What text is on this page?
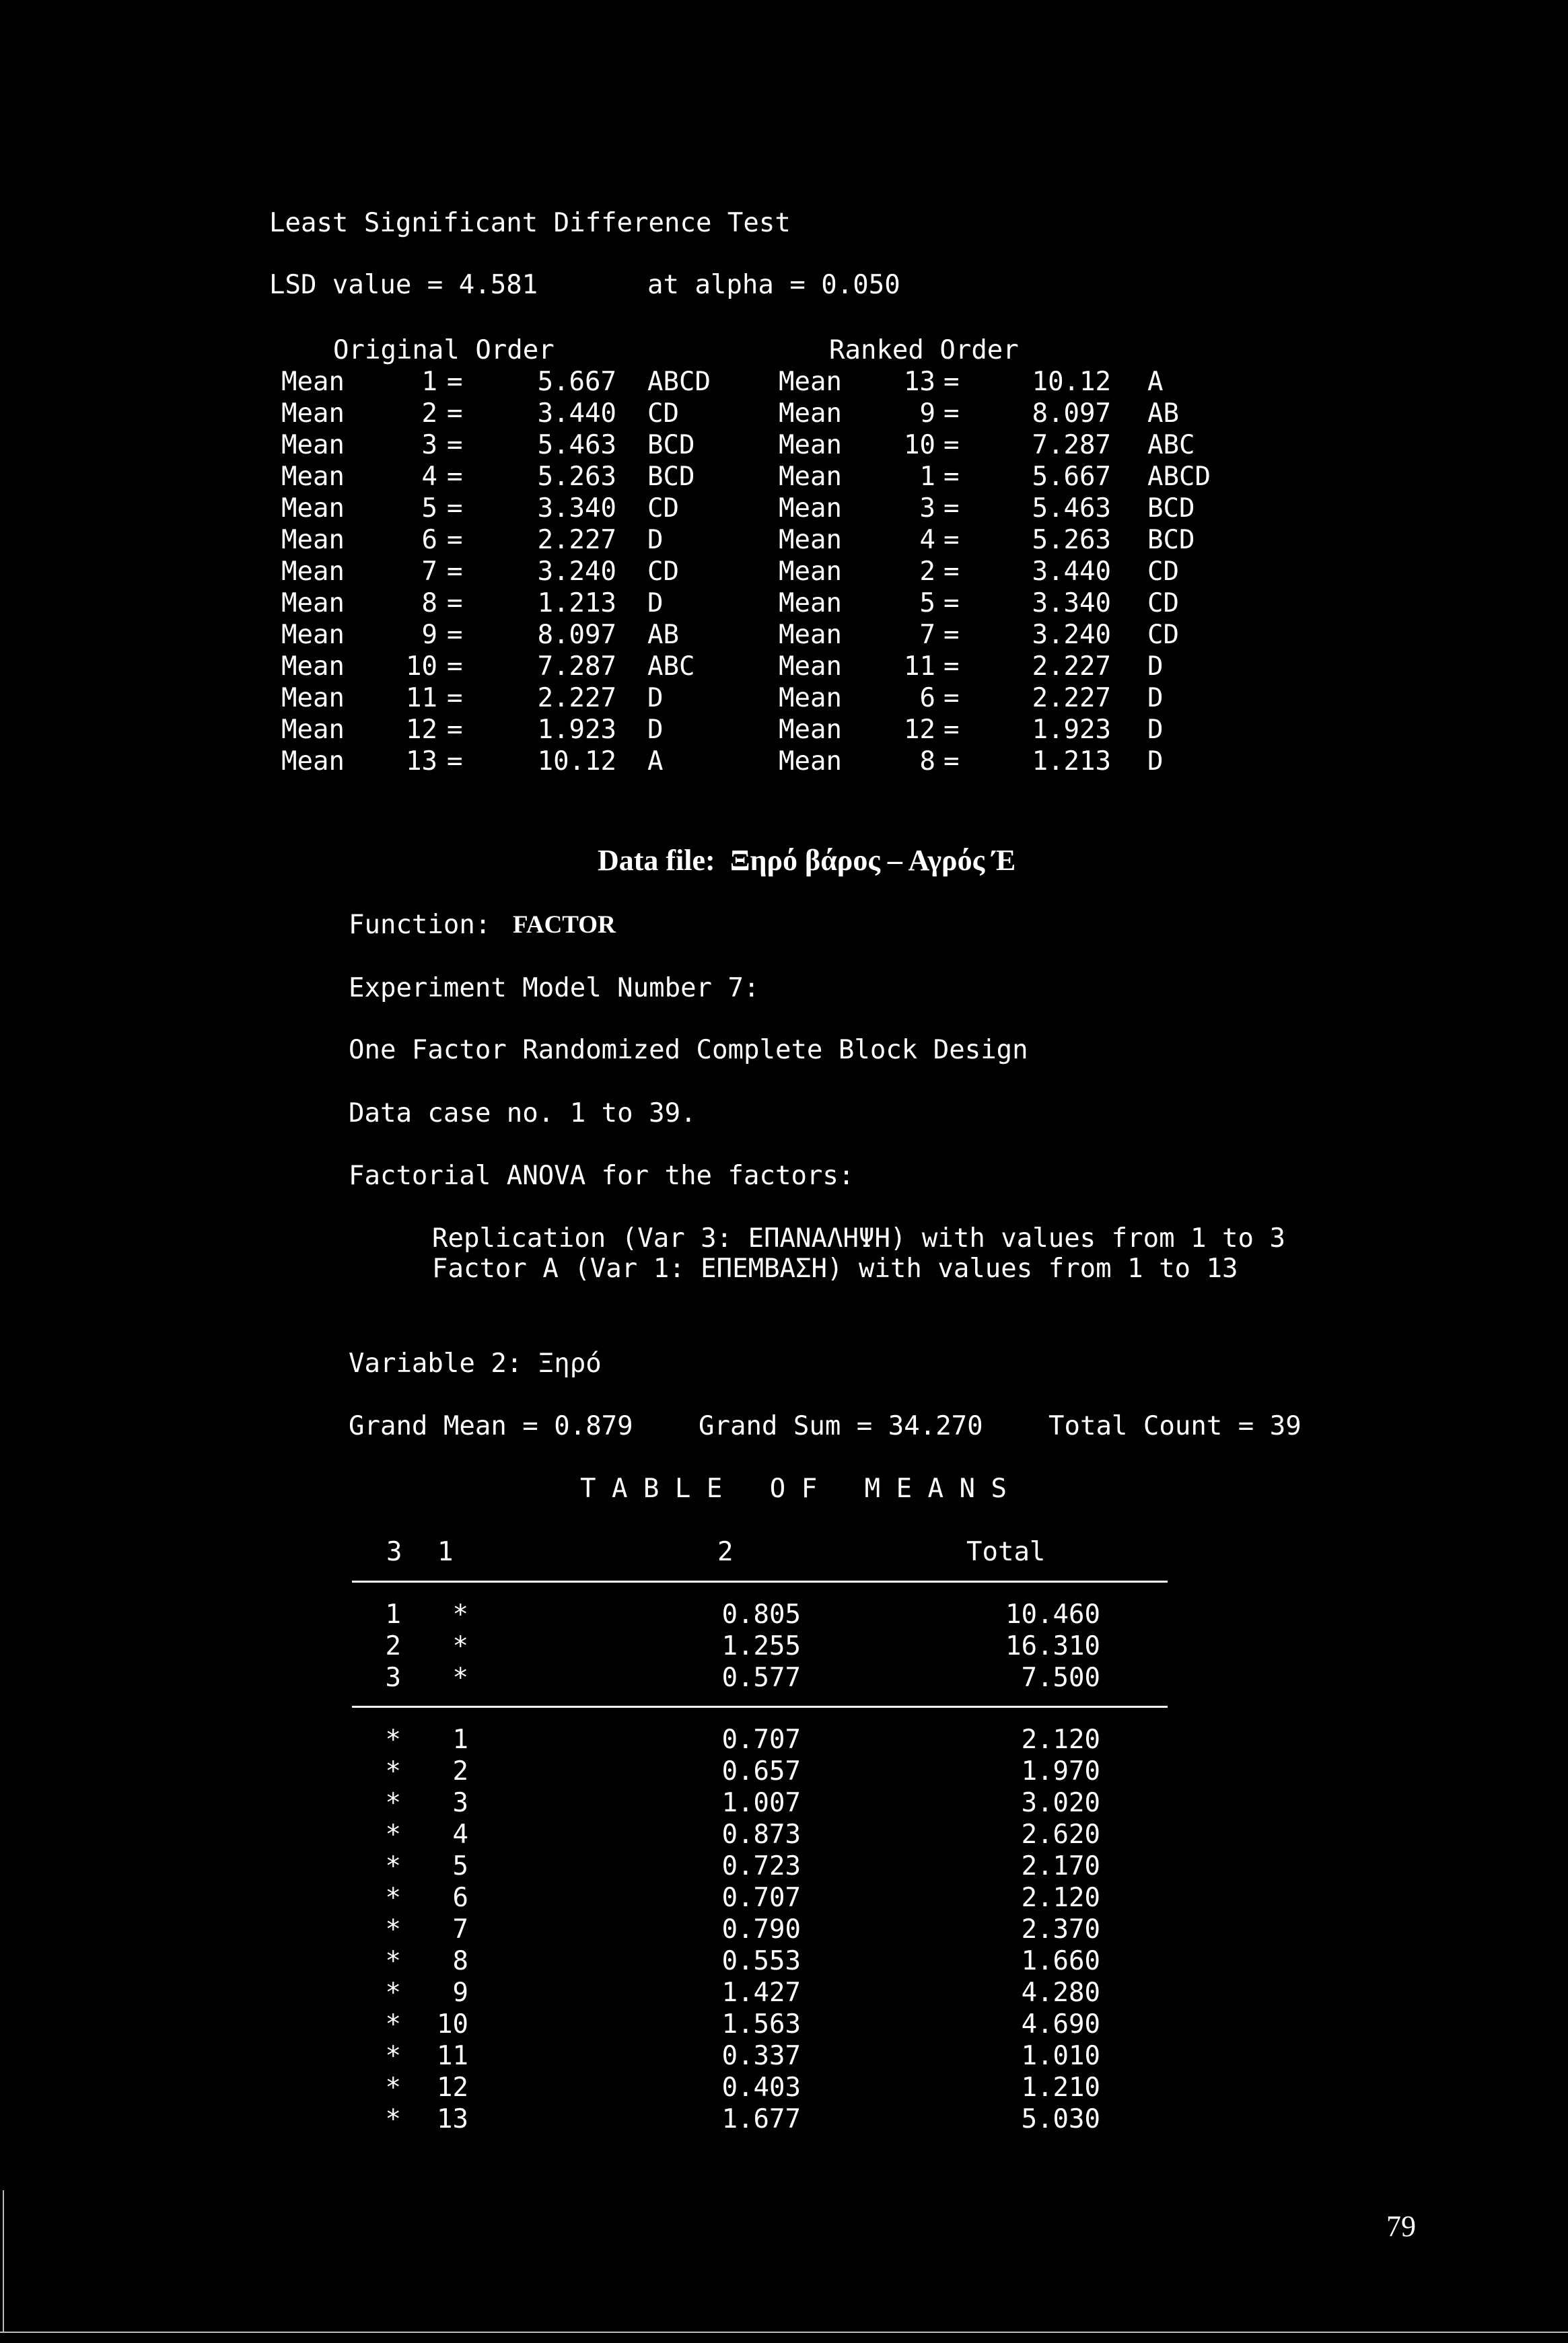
Least Significant Difference Test
LSD value = 4.581	at alpha = 0.050
Original Order	Ranked Order
Mean	1 =	5.667 ABCD	Mean	13 =	10.12 A
Mean	2 =	3.440 CD	Mean	9 =	8.097 AB
Mean	3 =	5.463 BCD	Mean	10 =	7.287 ABC
Mean	4 =	5.263 BCD	Mean	1 =	5.667 ABCD
Mean	5 =	3.340 CD	Mean	3 =	5.463 BCD
Mean	6 =	2.227 D	Mean	4 =	5.263 BCD
Mean	7 =	3.240 CD	Mean	2 =	3.440 CD
Mean	8 =	1.213 D	Mean	5 =	3.340 CD
Mean	9 =	8.097 AB	Mean	7 =	3.240 CD
Mean	10 =	7.287 ABC	Mean	11 =	2.227 D
Mean	11 =	2.227 D	Mean	6 =	2.227 D
Mean	12 =	1.923 D	Mean	12 =	1.923 D
Mean	13 =	10.12 A	Mean	8 =	1.213 D
Data file:  Ξηρό βάρος – Αγρός Έ
Function: FACTOR
Experiment Model Number 7:
One Factor Randomized Complete Block Design
Data case no. 1 to 39.
Factorial ANOVA for the factors:
Replication (Var 3: ΕΠΑΝΑΛΗΨΗ) with values from 1 to 3
Factor A (Var 1: ΕΠΕΜΒΑΣΗ) with values from 1 to 13
Variable 2: Ξηρό
Grand Mean = 0.879 Grand Sum = 34.270 Total Count = 39
T A B L E   O F   M E A N S
3 1	2	Total
1	*	0.805	10.460
2	*	1.255	16.310
3	*	0.577	7.500
*	1	0.707	2.120
*	2	0.657	1.970
*	3	1.007	3.020
*	4	0.873	2.620
*	5	0.723	2.170
*	6	0.707	2.120
*	7	0.790	2.370
*	8	0.553	1.660
*	9	1.427	4.280
*	10	1.563	4.690
*	11	0.337	1.010
*	12	0.403	1.210
*	13	1.677	5.030
79
